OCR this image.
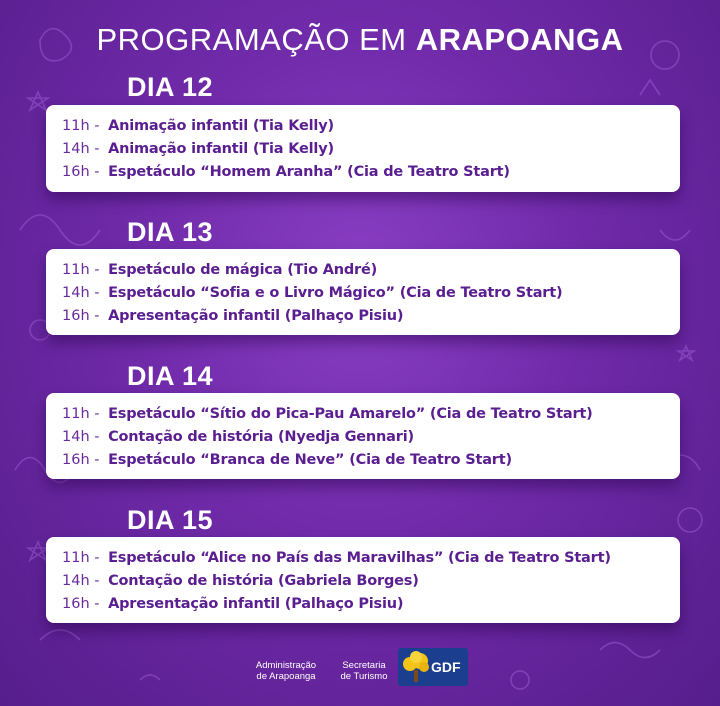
PROGRAMAÇÃO EM ARAPOANGA
DIA 12
11h - Animação infantil (Tia Kelly)
14h - Animação infantil (Tia Kelly)
16h - Espetáculo “Homem Aranha” (Cia de Teatro Start)
DIA 13
11h - Espetáculo de mágica (Tio André)
14h - Espetáculo “Sofia e o Livro Mágico” (Cia de Teatro Start)
16h - Apresentação infantil (Palhaço Pisiu)
DIA 14
11h - Espetáculo “Sítio do Pica-Pau Amarelo” (Cia de Teatro Start)
14h - Contação de história (Nyedja Gennari)
16h - Espetáculo “Branca de Neve” (Cia de Teatro Start)
DIA 15
11h - Espetáculo “Alice no País das Maravilhas” (Cia de Teatro Start)
14h - Contação de história (Gabriela Borges)
16h - Apresentação infantil (Palhaço Pisiu)
Administração
de Arapoanga
Secretaria
de Turismo
GDF
